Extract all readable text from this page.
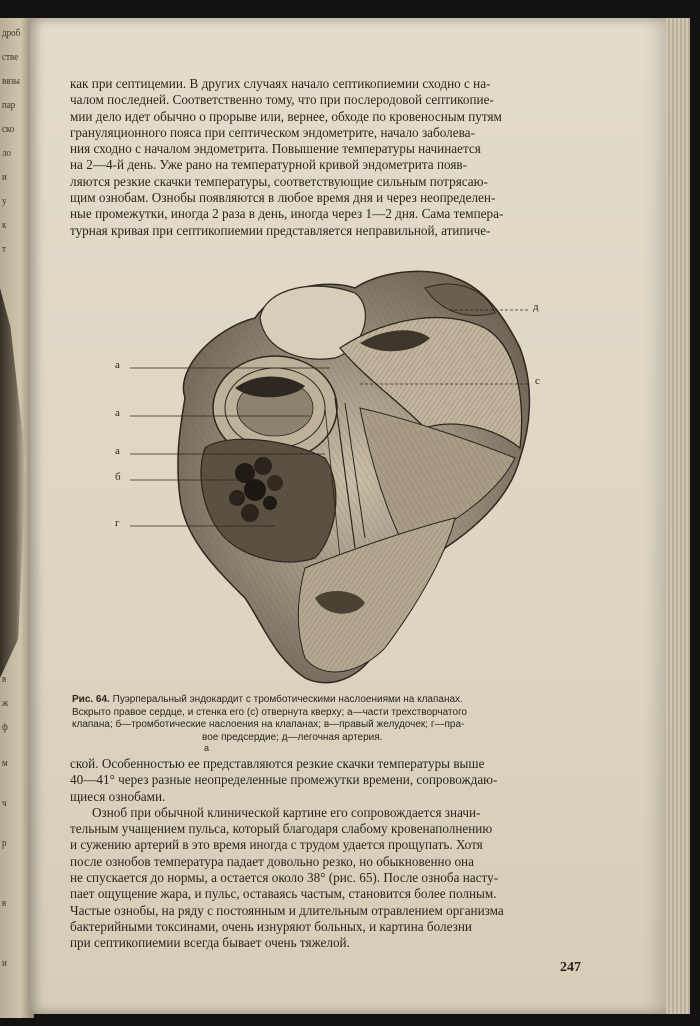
дроб
стве
вязы
пар
ско
ло
и
у
к
т
в
ж
ф
м
ч
р
в
и
как при септицемии. В других случаях начало септикопиемии сходно с на-
чалом последней. Соответственно тому, что при послеродовой септикопие-
мии дело идет обычно о прорыве или, вернее, обходе по кровеносным путям
грануляционного пояса при септическом эндометрите, начало заболева-
ния сходно с началом эндометрита. Повышение температуры начинается
на 2—4-й день. Уже рано на температурной кривой эндометрита появ-
ляются резкие скачки температуры, соответствующие сильным потрясаю-
щим ознобам. Ознобы появляются в любое время дня и через неопределен-
ные промежутки, иногда 2 раза в день, иногда через 1—2 дня. Сама темпера-
турная кривая при септикопиемии представляется неправильной, атипиче-
д
а
с
а
а
б
г
Рис. 64. Пуэрперальный эндокардит с тромботическими наслоениями на клапанах.
Вскрыто правое сердце, и стенка его (с) отвернута кверху; а—части трехстворчатого
клапана; б—тромботические наслоения на клапанах; в—правый желудочек; г—пра-
вое предсердие; д—легочная артерия.
а
ской. Особенностью ее представляются резкие скачки температуры выше
40—41° через разные неопределенные промежутки времени, сопровождаю-
щиеся ознобами.
Озноб при обычной клинической картине его сопровождается значи-
тельным учащением пульса, который благодаря слабому кровенаполнению
и сужению артерий в это время иногда с трудом удается прощупать. Хотя
после ознобов температура падает довольно резко, но обыкновенно она
не спускается до нормы, а остается около 38° (рис. 65). После озноба насту-
пает ощущение жара, и пульс, оставаясь частым, становится более полным.
Частые ознобы, на ряду с постоянным и длительным отравлением организма
бактерийными токсинами, очень изнуряют больных, и картина болезни
при септикопиемии всегда бывает очень тяжелой.
247
